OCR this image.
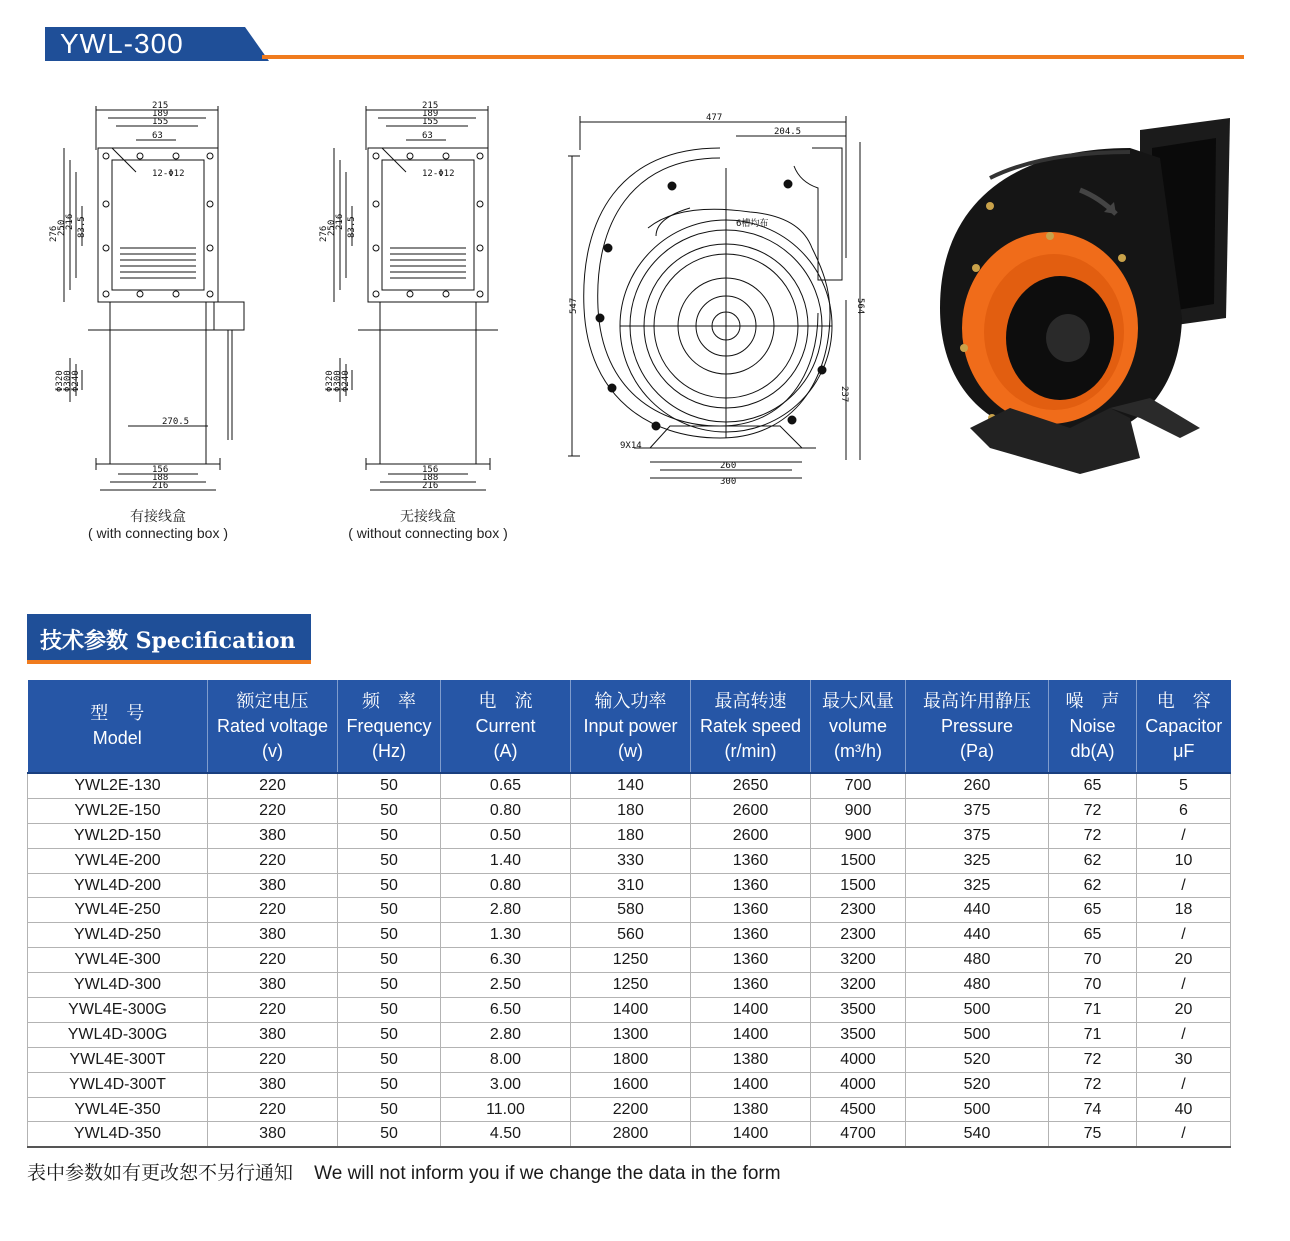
YWL-300
215
189
155
63
12-Φ12
276
250
216 83.5
Φ320
Φ300
Φ240
270.5
156
188
216
有接线盒
( with connecting box )
215
189
155
63
12-Φ12
276
250
216 83.5
Φ320
Φ300
Φ240
156
188
216
无接线盒
( without connecting box )
477
204.5
547	564
237
9X14
260
300
6槽均布
技术参数 Specification
型　号
Model	额定电压
Rated voltage
(v)	频　率
Frequency
(Hz)	电　流
Current
(A)	输入功率
Input power
(w)	最高转速
Ratek speed
(r/min)	最大风量
volume
(m³/h)	最高许用静压
Pressure
(Pa)	噪　声
Noise
db(A)	电　容
Capacitor
μF

YWL2E-130	220	50	0.65	140	2650	700	260	65	5
YWL2E-150	220	50	0.80	180	2600	900	375	72	6
YWL2D-150	380	50	0.50	180	2600	900	375	72	/
YWL4E-200	220	50	1.40	330	1360	1500	325	62	10
YWL4D-200	380	50	0.80	310	1360	1500	325	62	/
YWL4E-250	220	50	2.80	580	1360	2300	440	65	18
YWL4D-250	380	50	1.30	560	1360	2300	440	65	/
YWL4E-300	220	50	6.30	1250	1360	3200	480	70	20
YWL4D-300	380	50	2.50	1250	1360	3200	480	70	/
YWL4E-300G	220	50	6.50	1400	1400	3500	500	71	20
YWL4D-300G	380	50	2.80	1300	1400	3500	500	71	/
YWL4E-300T	220	50	8.00	1800	1380	4000	520	72	30
YWL4D-300T	380	50	3.00	1600	1400	4000	520	72	/
YWL4E-350	220	50	11.00	2200	1380	4500	500	74	40
YWL4D-350	380	50	4.50	2800	1400	4700	540	75	/
表中参数如有更改恕不另行通知 We will not inform you if we change the data in the form
